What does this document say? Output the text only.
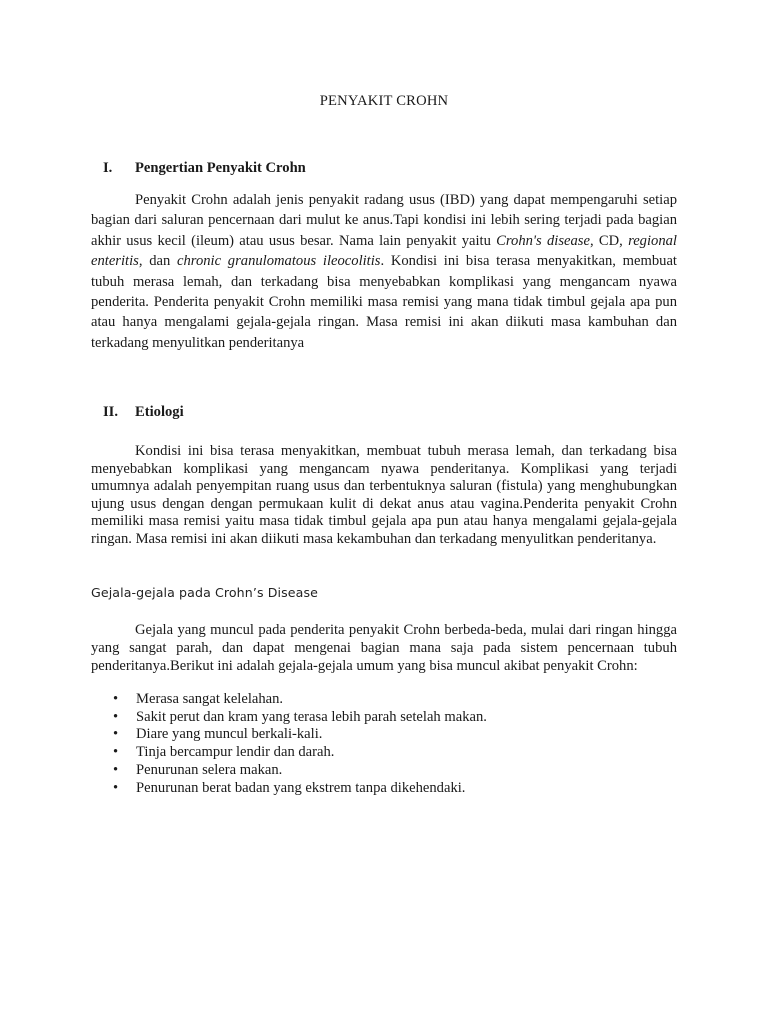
PENYAKIT CROHN
I. Pengertian Penyakit Crohn

Penyakit Crohn adalah jenis penyakit radang usus (IBD) yang dapat mempengaruhi setiap bagian dari saluran pencernaan dari mulut ke anus.Tapi kondisi ini lebih sering terjadi pada bagian akhir usus kecil (ileum) atau usus besar. Nama lain penyakit yaitu Crohn's disease, CD, regional enteritis, dan chronic granulomatous ileocolitis. Kondisi ini bisa terasa menyakitkan, membuat tubuh merasa lemah, dan terkadang bisa menyebabkan komplikasi yang mengancam nyawa penderita. Penderita penyakit Crohn memiliki masa remisi yang mana tidak timbul gejala apa pun atau hanya mengalami gejala-gejala ringan. Masa remisi ini akan diikuti masa kambuhan dan terkadang menyulitkan penderitanya

II. Etiologi

Kondisi ini bisa terasa menyakitkan, membuat tubuh merasa lemah, dan terkadang bisa menyebabkan komplikasi yang mengancam nyawa penderitanya. Komplikasi yang terjadi umumnya adalah penyempitan ruang usus dan terbentuknya saluran (fistula) yang menghubungkan ujung usus dengan dengan permukaan kulit di dekat anus atau vagina.Penderita penyakit Crohn memiliki masa remisi yaitu masa tidak timbul gejala apa pun atau hanya mengalami gejala-gejala ringan. Masa remisi ini akan diikuti masa kekambuhan dan terkadang menyulitkan penderitanya.

Gejala-gejala pada Crohn’s Disease

Gejala yang muncul pada penderita penyakit Crohn berbeda-beda, mulai dari ringan hingga yang sangat parah, dan dapat mengenai bagian mana saja pada sistem pencernaan tubuh penderitanya.Berikut ini adalah gejala-gejala umum yang bisa muncul akibat penyakit Crohn:

• Merasa sangat kelelahan.
• Sakit perut dan kram yang terasa lebih parah setelah makan.
• Diare yang muncul berkali-kali.
• Tinja bercampur lendir dan darah.
• Penurunan selera makan.
• Penurunan berat badan yang ekstrem tanpa dikehendaki.
